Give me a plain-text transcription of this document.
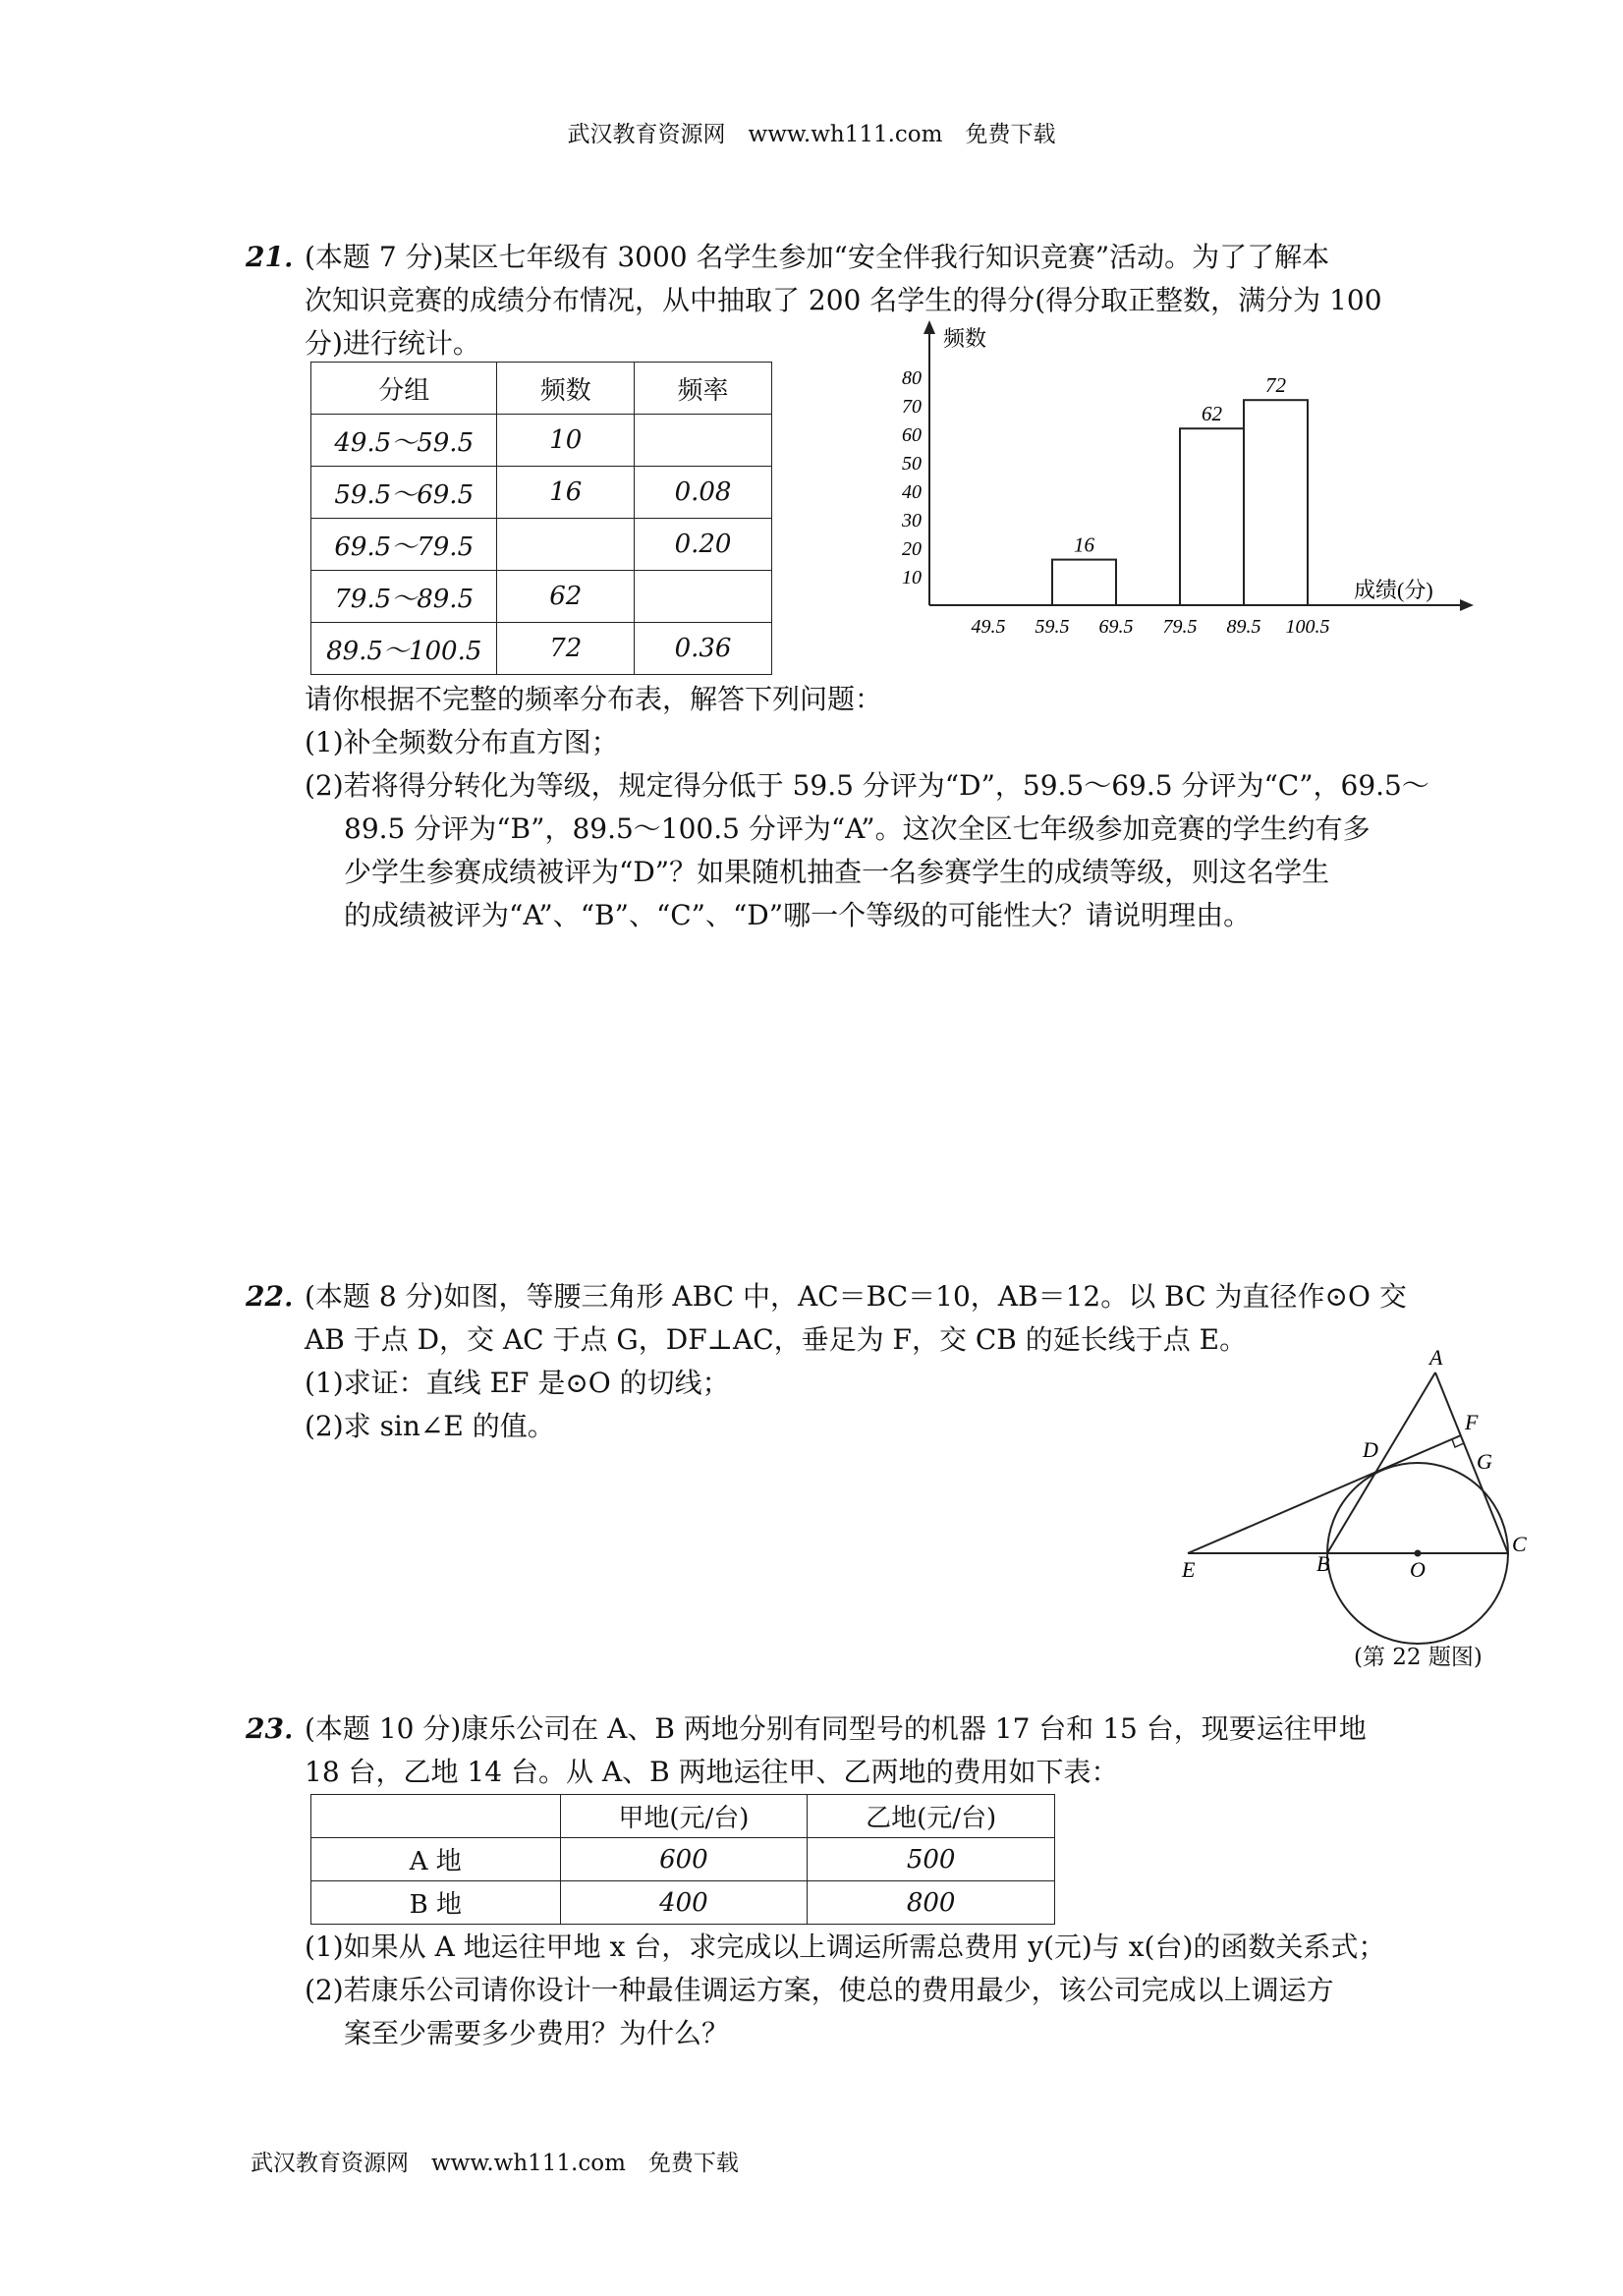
武汉教育资源网　www.wh111.com　免费下载
21．
(本题 7 分)某区七年级有 3000 名学生参加“安全伴我行知识竞赛”活动。为了了解本
次知识竞赛的成绩分布情况，从中抽取了 200 名学生的得分(得分取正整数，满分为 100
分)进行统计。
分组	频数	频率
49.5～59.5	10	
59.5～69.5	16	0.08
69.5～79.5		0.20
79.5～89.5	62	
89.5～100.5	72	0.36
频数
成绩(分)
10
20
30
40
50
60
70
80
49.5 59.5 69.5 79.5 89.5 100.5
16
62
72
请你根据不完整的频率分布表，解答下列问题：
(1)补全频数分布直方图；
(2)若将得分转化为等级，规定得分低于 59.5 分评为“D”，59.5～69.5 分评为“C”，69.5～
89.5 分评为“B”，89.5～100.5 分评为“A”。这次全区七年级参加竞赛的学生约有多
少学生参赛成绩被评为“D”？如果随机抽查一名参赛学生的成绩等级，则这名学生
的成绩被评为“A”、“B”、“C”、“D”哪一个等级的可能性大？请说明理由。
22．
(本题 8 分)如图，等腰三角形 ABC 中，AC＝BC＝10，AB＝12。以 BC 为直径作⊙O 交
AB 于点 D，交 AC 于点 G，DF⊥AC，垂足为 F，交 CB 的延长线于点 E。
(1)求证：直线 EF 是⊙O 的切线；
(2)求 sin∠E 的值。
A
B
C
D
E
F
G
O
(第 22 题图)
23．
(本题 10 分)康乐公司在 A、B 两地分别有同型号的机器 17 台和 15 台，现要运往甲地
18 台，乙地 14 台。从 A、B 两地运往甲、乙两地的费用如下表：
	甲地(元/台)	乙地(元/台)
A 地	600	500
B 地	400	800
(1)如果从 A 地运往甲地 x 台，求完成以上调运所需总费用 y(元)与 x(台)的函数关系式；
(2)若康乐公司请你设计一种最佳调运方案，使总的费用最少，该公司完成以上调运方
案至少需要多少费用？为什么？
武汉教育资源网　www.wh111.com　免费下载
